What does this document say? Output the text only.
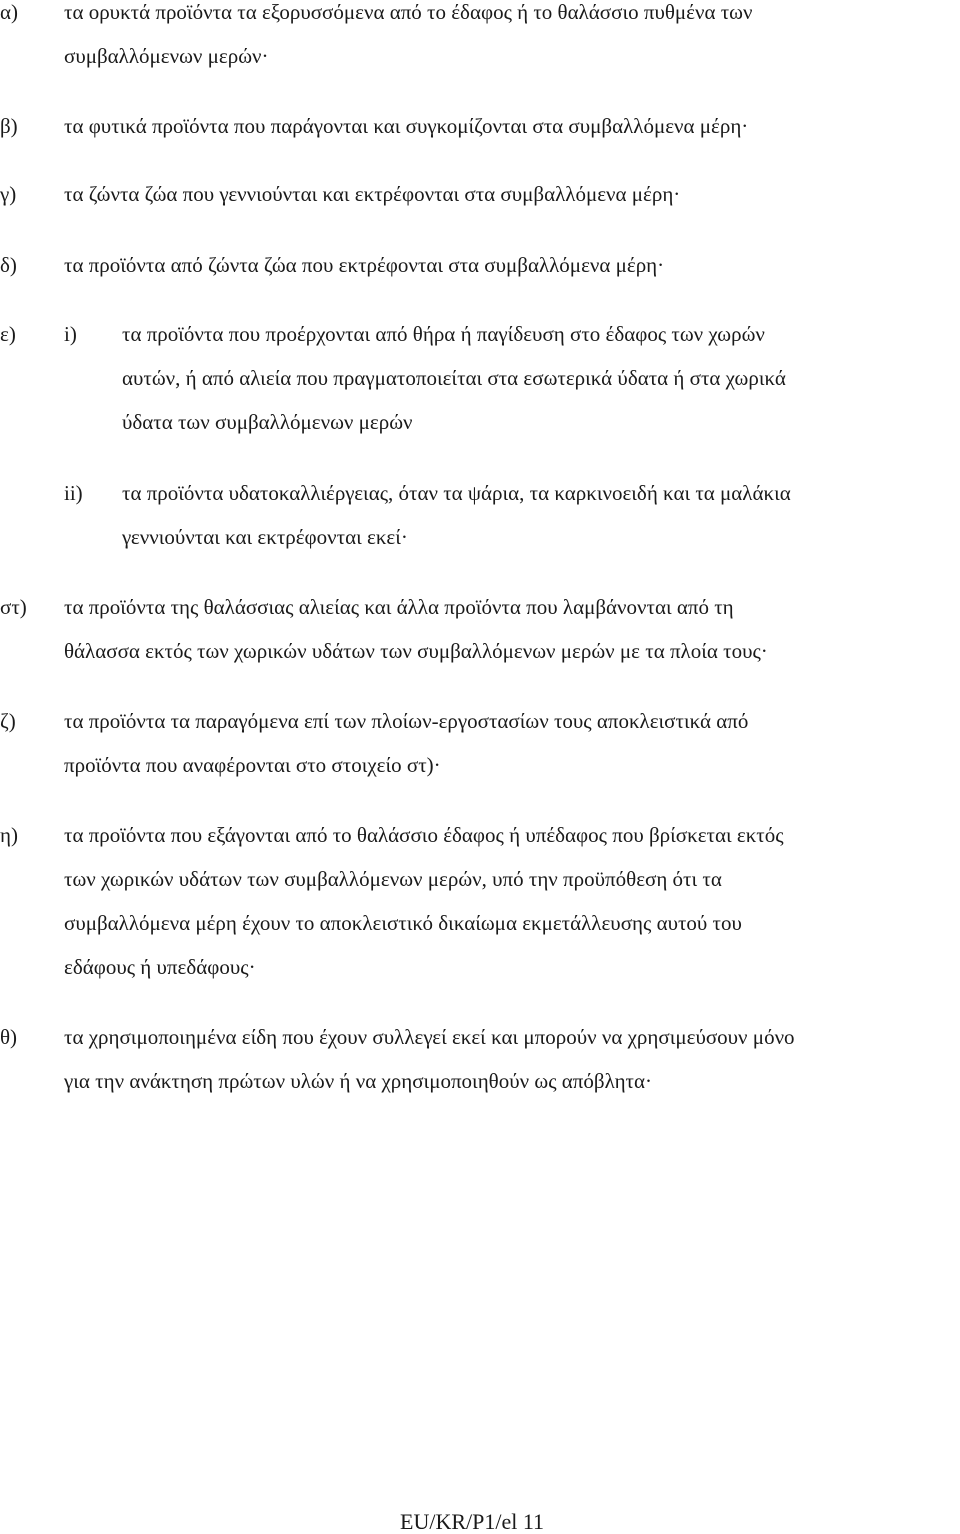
α) τα ορυκτά προϊόντα τα εξορυσσόμενα από το έδαφος ή το θαλάσσιο πυθμένα των
συμβαλλόμενων μερών·
β) τα φυτικά προϊόντα που παράγονται και συγκομίζονται στα συμβαλλόμενα μέρη·
γ) τα ζώντα ζώα που γεννιούνται και εκτρέφονται στα συμβαλλόμενα μέρη·
δ) τα προϊόντα από ζώντα ζώα που εκτρέφονται στα συμβαλλόμενα μέρη·
ε) i) τα προϊόντα που προέρχονται από θήρα ή παγίδευση στο έδαφος των χωρών
αυτών, ή από αλιεία που πραγματοποιείται στα εσωτερικά ύδατα ή στα χωρικά
ύδατα των συμβαλλόμενων μερών
ii) τα προϊόντα υδατοκαλλιέργειας, όταν τα ψάρια, τα καρκινοειδή και τα μαλάκια
γεννιούνται και εκτρέφονται εκεί·
στ) τα προϊόντα της θαλάσσιας αλιείας και άλλα προϊόντα που λαμβάνονται από τη
θάλασσα εκτός των χωρικών υδάτων των συμβαλλόμενων μερών με τα πλοία τους·
ζ) τα προϊόντα τα παραγόμενα επί των πλοίων-εργοστασίων τους αποκλειστικά από
προϊόντα που αναφέρονται στο στοιχείο στ)·
η) τα προϊόντα που εξάγονται από το θαλάσσιο έδαφος ή υπέδαφος που βρίσκεται εκτός
των χωρικών υδάτων των συμβαλλόμενων μερών, υπό την προϋπόθεση ότι τα
συμβαλλόμενα μέρη έχουν το αποκλειστικό δικαίωμα εκμετάλλευσης αυτού του
εδάφους ή υπεδάφους·
θ) τα χρησιμοποιημένα είδη που έχουν συλλεγεί εκεί και μπορούν να χρησιμεύσουν μόνο
για την ανάκτηση πρώτων υλών ή να χρησιμοποιηθούν ως απόβλητα·
EU/KR/P1/el 11
